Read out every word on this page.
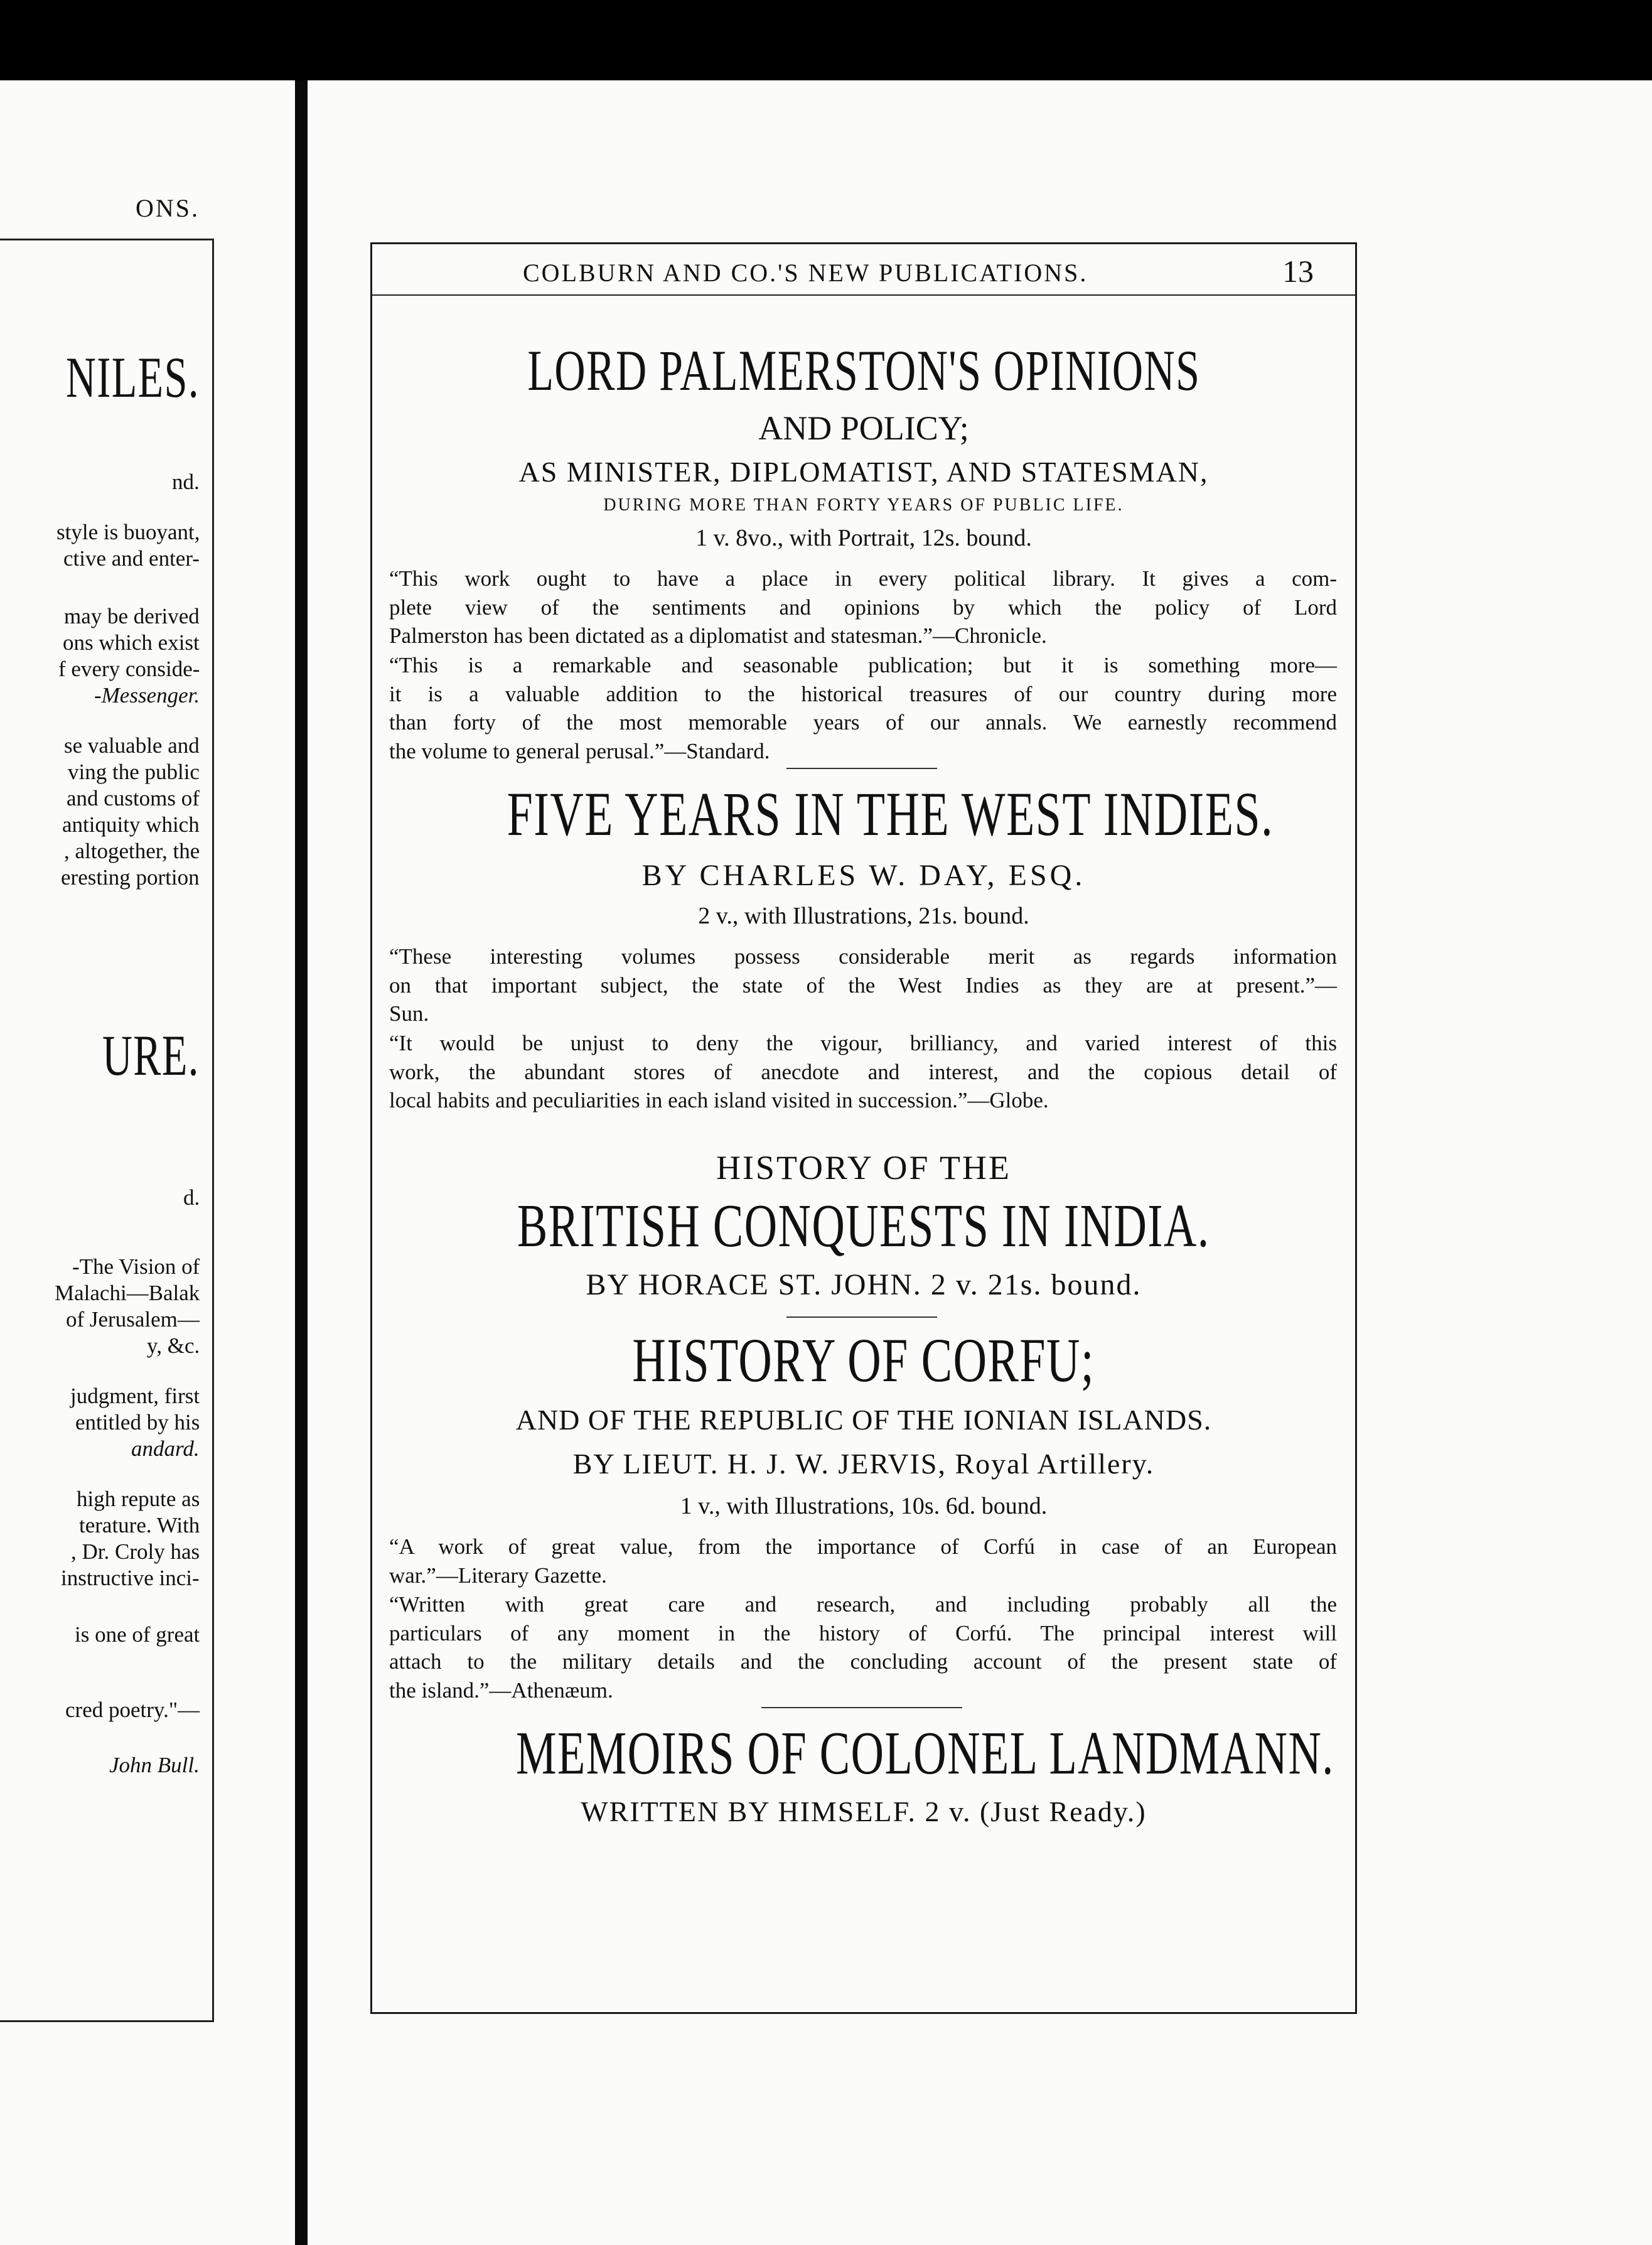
ONS.
NILES.
nd.
style is buoyant,
ctive and enter-
may be derived
ons which exist
f every conside-
-Messenger.
se valuable and
ving the public
and customs of
antiquity which
, altogether, the
eresting portion
URE.
d.
-The Vision of
Malachi—Balak
of Jerusalem—
y, &c.
judgment, first
entitled by his
andard.
high repute as
terature. With
, Dr. Croly has
instructive inci-
is one of great
cred poetry."—
John Bull.
COLBURN AND CO.'S NEW PUBLICATIONS.	13
LORD PALMERSTON'S OPINIONS
AND POLICY;
AS MINISTER, DIPLOMATIST, AND STATESMAN,
DURING MORE THAN FORTY YEARS OF PUBLIC LIFE.
1 v. 8vo., with Portrait, 12s. bound.
“This work ought to have a place in every political library. It gives a com-
plete view of the sentiments and opinions by which the policy of Lord
Palmerston has been dictated as a diplomatist and statesman.”—Chronicle.
“This is a remarkable and seasonable publication; but it is something more—
it is a valuable addition to the historical treasures of our country during more
than forty of the most memorable years of our annals. We earnestly recommend
the volume to general perusal.”—Standard.
FIVE YEARS IN THE WEST INDIES.
BY CHARLES W. DAY, ESQ.
2 v., with Illustrations, 21s. bound.
“These interesting volumes possess considerable merit as regards information
on that important subject, the state of the West Indies as they are at present.”—
Sun.
“It would be unjust to deny the vigour, brilliancy, and varied interest of this
work, the abundant stores of anecdote and interest, and the copious detail of
local habits and peculiarities in each island visited in succession.”—Globe.
HISTORY OF THE
BRITISH CONQUESTS IN INDIA.
BY HORACE ST. JOHN. 2 v. 21s. bound.
HISTORY OF CORFU;
AND OF THE REPUBLIC OF THE IONIAN ISLANDS.
BY LIEUT. H. J. W. JERVIS, Royal Artillery.
1 v., with Illustrations, 10s. 6d. bound.
“A work of great value, from the importance of Corfú in case of an European
war.”—Literary Gazette.
“Written with great care and research, and including probably all the
particulars of any moment in the history of Corfú. The principal interest will
attach to the military details and the concluding account of the present state of
the island.”—Athenæum.
MEMOIRS OF COLONEL LANDMANN.
WRITTEN BY HIMSELF. 2 v. (Just Ready.)
